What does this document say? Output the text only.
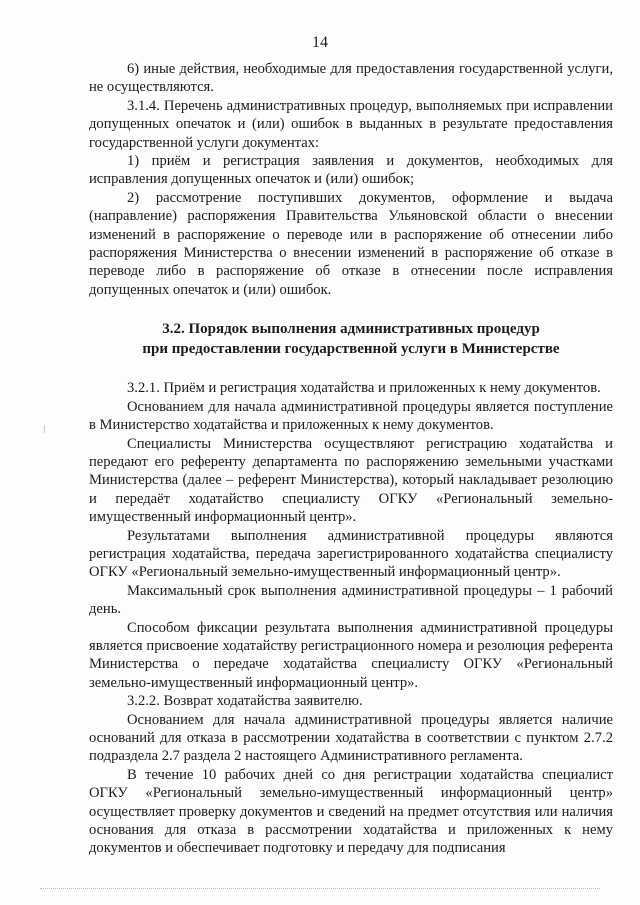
14

6) иные действия, необходимые для предоставления государственной услуги, не осуществляются.

3.1.4. Перечень административных процедур, выполняемых при исправлении допущенных опечаток и (или) ошибок в выданных в результате предоставления государственной услуги документах:

1) приём и регистрация заявления и документов, необходимых для исправления допущенных опечаток и (или) ошибок;

2) рассмотрение поступивших документов, оформление и выдача (направление) распоряжения Правительства Ульяновской области о внесении изменений в распоряжение о переводе или в распоряжение об отнесении либо распоряжения Министерства о внесении изменений в распоряжение об отказе в переводе либо в распоряжение об отказе в отнесении после исправления допущенных опечаток и (или) ошибок.

3.2. Порядок выполнения административных процедур
при предоставлении государственной услуги в Министерстве

3.2.1. Приём и регистрация ходатайства и приложенных к нему документов.

Основанием для начала административной процедуры является поступление в Министерство ходатайства и приложенных к нему документов.

Специалисты Министерства осуществляют регистрацию ходатайства и передают его референту департамента по распоряжению земельными участками Министерства (далее – референт Министерства), который накладывает резолюцию и передаёт ходатайство специалисту ОГКУ «Региональный земельно-имущественный информационный центр».

Результатами выполнения административной процедуры являются регистрация ходатайства, передача зарегистрированного ходатайства специалисту ОГКУ «Региональный земельно-имущественный информационный центр».

Максимальный срок выполнения административной процедуры – 1 рабочий день.

Способом фиксации результата выполнения административной процедуры является присвоение ходатайству регистрационного номера и резолюция референта Министерства о передаче ходатайства специалисту ОГКУ «Региональный земельно-имущественный информационный центр».

3.2.2. Возврат ходатайства заявителю.

Основанием для начала административной процедуры является наличие оснований для отказа в рассмотрении ходатайства в соответствии с пунктом 2.7.2 подраздела 2.7 раздела 2 настоящего Административного регламента.

В течение 10 рабочих дней со дня регистрации ходатайства специалист ОГКУ «Региональный земельно-имущественный информационный центр» осуществляет проверку документов и сведений на предмет отсутствия или наличия основания для отказа в рассмотрении ходатайства и приложенных к нему документов и обеспечивает подготовку и передачу для подписания
